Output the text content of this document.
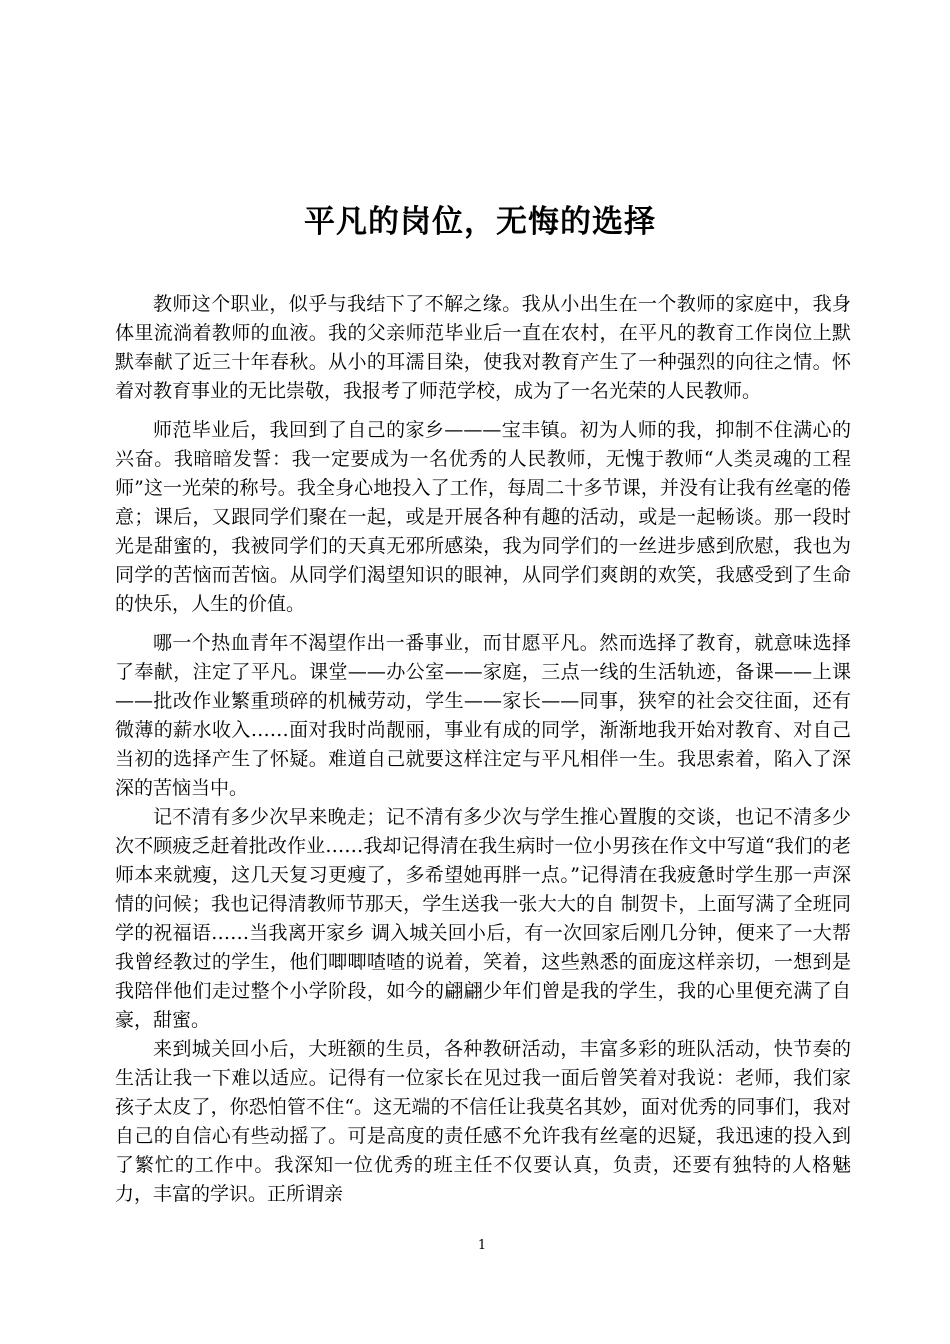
平凡的岗位，无悔的选择

教师这个职业，似乎与我结下了不解之缘。我从小出生在一个教师的家庭中，我身体里流淌着教师的血液。我的父亲师范毕业后一直在农村，在平凡的教育工作岗位上默默奉献了近三十年春秋。从小的耳濡目染，使我对教育产生了一种强烈的向往之情。怀着对教育事业的无比崇敬，我报考了师范学校，成为了一名光荣的人民教师。

师范毕业后，我回到了自己的家乡———宝丰镇。初为人师的我，抑制不住满心的兴奋。我暗暗发誓：我一定要成为一名优秀的人民教师，无愧于教师“人类灵魂的工程师”这一光荣的称号。我全身心地投入了工作，每周二十多节课，并没有让我有丝毫的倦意；课后，又跟同学们聚在一起，或是开展各种有趣的活动，或是一起畅谈。那一段时光是甜蜜的，我被同学们的天真无邪所感染，我为同学们的一丝进步感到欣慰，我也为同学的苦恼而苦恼。从同学们渴望知识的眼神，从同学们爽朗的欢笑，我感受到了生命的快乐，人生的价值。

哪一个热血青年不渴望作出一番事业，而甘愿平凡。然而选择了教育，就意味选择了奉献，注定了平凡。课堂——办公室——家庭，三点一线的生活轨迹，备课——上课——批改作业繁重琐碎的机械劳动，学生——家长——同事，狭窄的社会交往面，还有微薄的薪水收入……面对我时尚靓丽，事业有成的同学，渐渐地我开始对教育、对自己当初的选择产生了怀疑。难道自己就要这样注定与平凡相伴一生。我思索着，陷入了深深的苦恼当中。

记不清有多少次早来晚走；记不清有多少次与学生推心置腹的交谈，也记不清多少次不顾疲乏赶着批改作业……我却记得清在我生病时一位小男孩在作文中写道“我们的老师本来就瘦，这几天复习更瘦了，多希望她再胖一点。”记得清在我疲惫时学生那一声深情的问候；我也记得清教师节那天，学生送我一张大大的自 制贺卡，上面写满了全班同学的祝福语……当我离开家乡 调入城关回小后，有一次回家后刚几分钟，便来了一大帮我曾经教过的学生，他们唧唧喳喳的说着，笑着，这些熟悉的面庞这样亲切，一想到是我陪伴他们走过整个小学阶段，如今的翩翩少年们曾是我的学生，我的心里便充满了自豪，甜蜜。

来到城关回小后，大班额的生员，各种教研活动，丰富多彩的班队活动，快节奏的生活让我一下难以适应。记得有一位家长在见过我一面后曾笑着对我说：老师，我们家孩子太皮了，你恐怕管不住“。这无端的不信任让我莫名其妙，面对优秀的同事们，我对自己的自信心有些动摇了。可是高度的责任感不允许我有丝毫的迟疑，我迅速的投入到了繁忙的工作中。我深知一位优秀的班主任不仅要认真，负责，还要有独特的人格魅力，丰富的学识。正所谓亲

1
